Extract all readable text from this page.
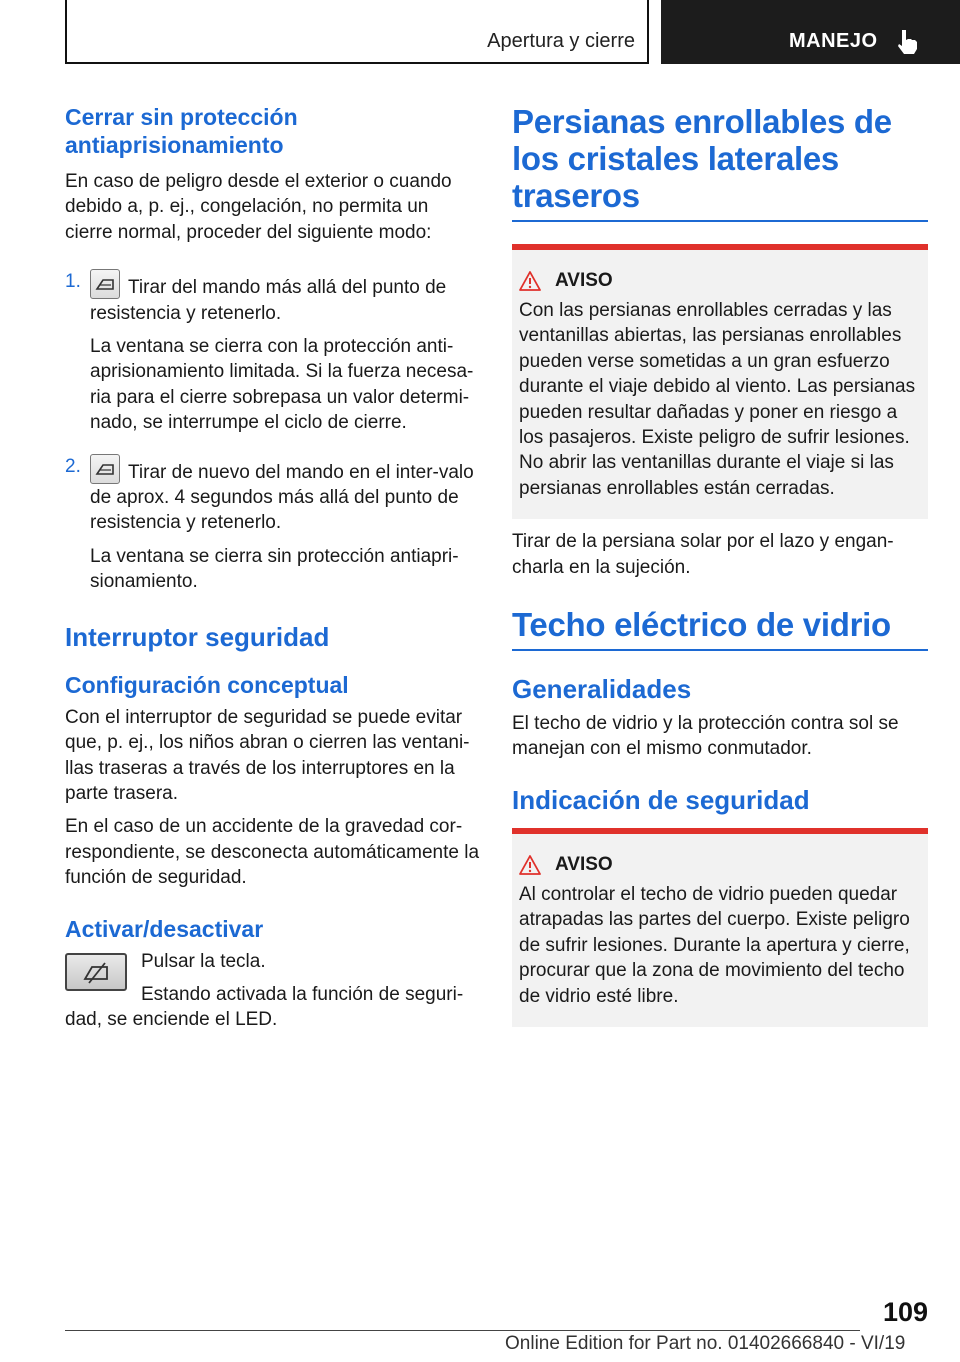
Apertura y cierre	MANEJO
Cerrar sin protección antiaprisionamiento

En caso de peligro desde el exterior o cuando debido a, p. ej., congelación, no permita un cierre normal, proceder del siguiente modo:

1.	Tirar del mando más allá del punto de resistencia y retenerlo.

La ventana se cierra con la protección anti‐aprisionamiento limitada. Si la fuerza necesa‐ria para el cierre sobrepasa un valor determi‐nado, se interrumpe el ciclo de cierre.

2.	Tirar de nuevo del mando en el inter‐valo de aprox. 4 segundos más allá del punto de resistencia y retenerlo.

La ventana se cierra sin protección antiapri‐sionamiento.

Interruptor seguridad
Configuración conceptual

Con el interruptor de seguridad se puede evitar que, p. ej., los niños abran o cierren las ventani‐llas traseras a través de los interruptores en la parte trasera.

En el caso de un accidente de la gravedad cor‐respondiente, se desconecta automáticamente la función de seguridad.

Activar/desactivar

Pulsar la tecla.

Estando activada la función de seguri‐dad, se enciende el LED.

Persianas enrollables de los cristales laterales traseros
AVISO

Con las persianas enrollables cerradas y las ventanillas abiertas, las persianas enrollables pueden verse sometidas a un gran esfuerzo durante el viaje debido al viento. Las persianas pueden resultar dañadas y poner en riesgo a los pasajeros. Existe peligro de sufrir lesiones. No abrir las ventanillas durante el viaje si las persianas enrollables están cerradas.

Tirar de la persiana solar por el lazo y engan‐charla en la sujeción.

Techo eléctrico de vidrio
Generalidades

El techo de vidrio y la protección contra sol se manejan con el mismo conmutador.

Indicación de seguridad
AVISO

Al controlar el techo de vidrio pueden quedar atrapadas las partes del cuerpo. Existe peligro de sufrir lesiones. Durante la apertura y cierre, procurar que la zona de movimiento del techo de vidrio esté libre.

109
Online Edition for Part no. 01402666840 - VI/19
